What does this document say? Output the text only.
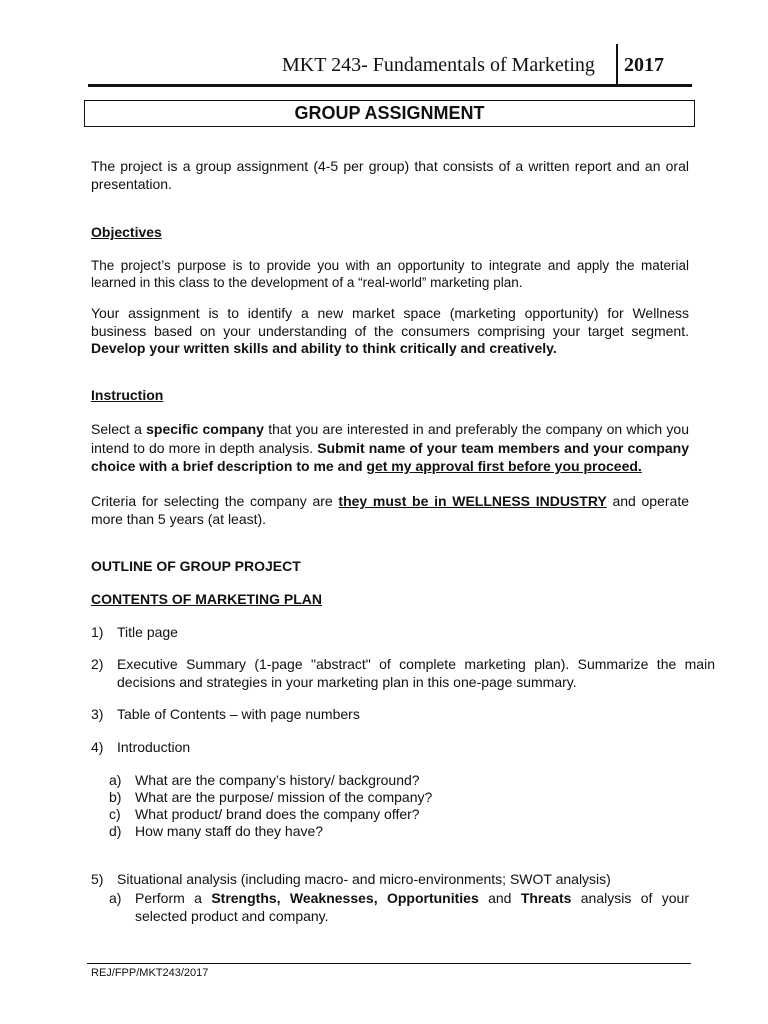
MKT 243- Fundamentals of Marketing 2017
GROUP ASSIGNMENT

The project is a group assignment (4-5 per group) that consists of a written report and an oral presentation.

Objectives

The project’s purpose is to provide you with an opportunity to integrate and apply the material learned in this class to the development of a “real-world” marketing plan.

Your assignment is to identify a new market space (marketing opportunity) for Wellness business based on your understanding of the consumers comprising your target segment. Develop your written skills and ability to think critically and creatively.

Instruction

Select a specific company that you are interested in and preferably the company on which you intend to do more in depth analysis. Submit name of your team members and your company choice with a brief description to me and get my approval first before you proceed.

Criteria for selecting the company are they must be in WELLNESS INDUSTRY and operate more than 5 years (at least).

OUTLINE OF GROUP PROJECT

CONTENTS OF MARKETING PLAN

1) Title page

2) Executive Summary (1-page "abstract" of complete marketing plan). Summarize the main decisions and strategies in your marketing plan in this one-page summary.

3) Table of Contents – with page numbers

4) Introduction

a) What are the company’s history/ background?

b) What are the purpose/ mission of the company?

c) What product/ brand does the company offer?

d) How many staff do they have?

5) Situational analysis (including macro- and micro-environments; SWOT analysis)

a) Perform a Strengths, Weaknesses, Opportunities and Threats analysis of your selected product and company.

REJ/FPP/MKT243/2017
